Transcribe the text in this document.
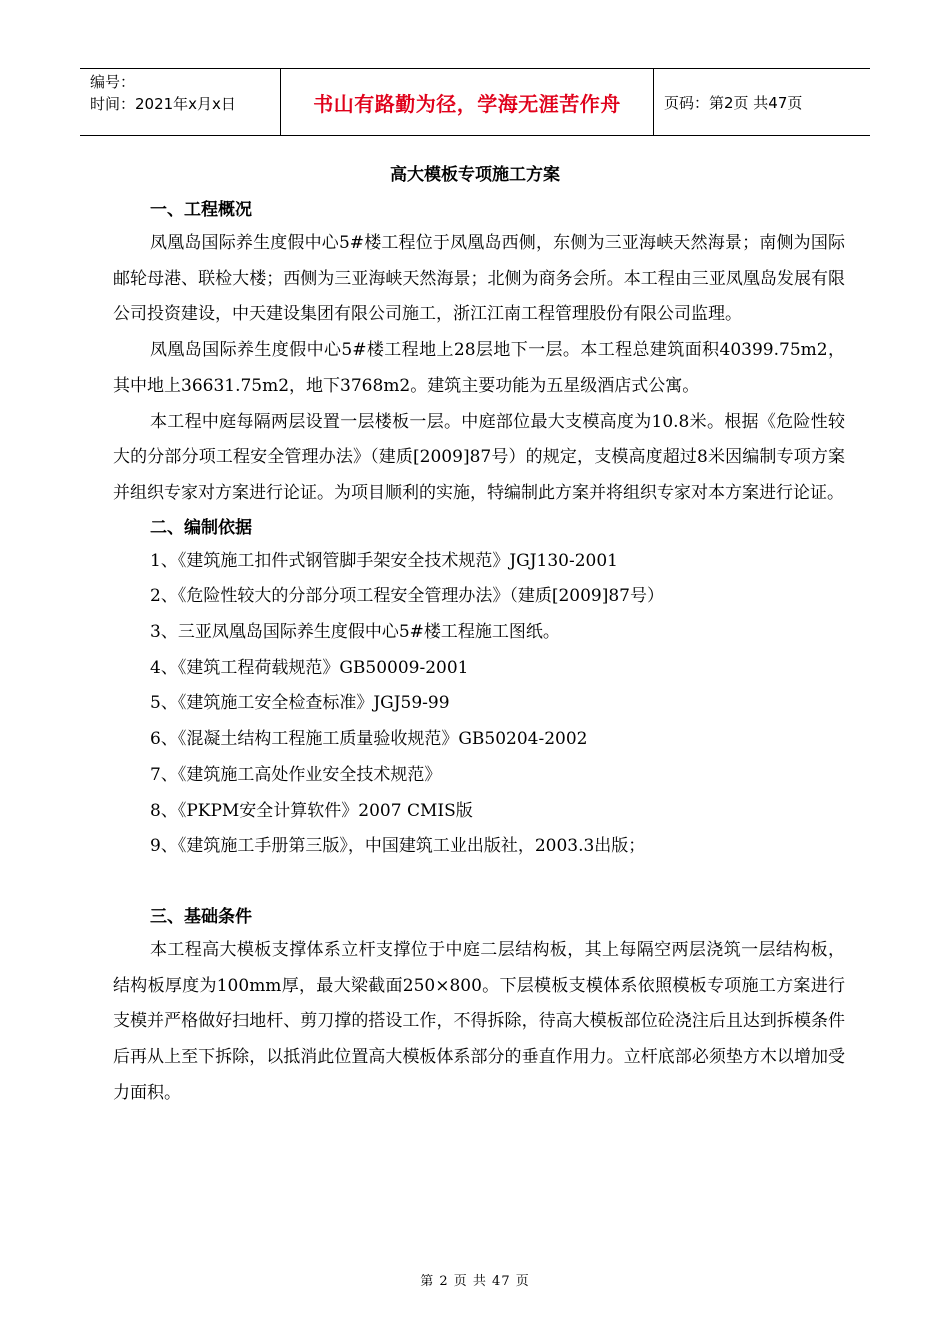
编号：
时间：2021年x月x日	书山有路勤为径，学海无涯苦作舟	页码：第2页 共47页
高大模板专项施工方案
一、工程概况

凤凰岛国际养生度假中心5#楼工程位于凤凰岛西侧，东侧为三亚海峡天然海景；南侧为国际邮轮母港、联检大楼；西侧为三亚海峡天然海景；北侧为商务会所。本工程由三亚凤凰岛发展有限公司投资建设，中天建设集团有限公司施工，浙江江南工程管理股份有限公司监理。

凤凰岛国际养生度假中心5#楼工程地上28层地下一层。本工程总建筑面积40399.75m2，其中地上36631.75m2，地下3768m2。建筑主要功能为五星级酒店式公寓。

本工程中庭每隔两层设置一层楼板一层。中庭部位最大支模高度为10.8米。根据《危险性较大的分部分项工程安全管理办法》（建质[2009]87号）的规定，支模高度超过8米因编制专项方案并组织专家对方案进行论证。为项目顺利的实施，特编制此方案并将组织专家对本方案进行论证。

二、编制依据
1、《建筑施工扣件式钢管脚手架安全技术规范》JGJ130-2001
2、《危险性较大的分部分项工程安全管理办法》（建质[2009]87号）
3、三亚凤凰岛国际养生度假中心5#楼工程施工图纸。
4、《建筑工程荷载规范》GB50009-2001
5、《建筑施工安全检查标准》JGJ59-99
6、《混凝土结构工程施工质量验收规范》GB50204-2002
7、《建筑施工高处作业安全技术规范》
8、《PKPM安全计算软件》2007 CMIS版
9、《建筑施工手册第三版》，中国建筑工业出版社，2003.3出版；
三、基础条件

本工程高大模板支撑体系立杆支撑位于中庭二层结构板，其上每隔空两层浇筑一层结构板，结构板厚度为100mm厚，最大梁截面250×800。下层模板支模体系依照模板专项施工方案进行支模并严格做好扫地杆、剪刀撑的搭设工作，不得拆除，待高大模板部位砼浇注后且达到拆模条件后再从上至下拆除，以抵消此位置高大模板体系部分的垂直作用力。立杆底部必须垫方木以增加受力面积。

第 2 页 共 47 页
